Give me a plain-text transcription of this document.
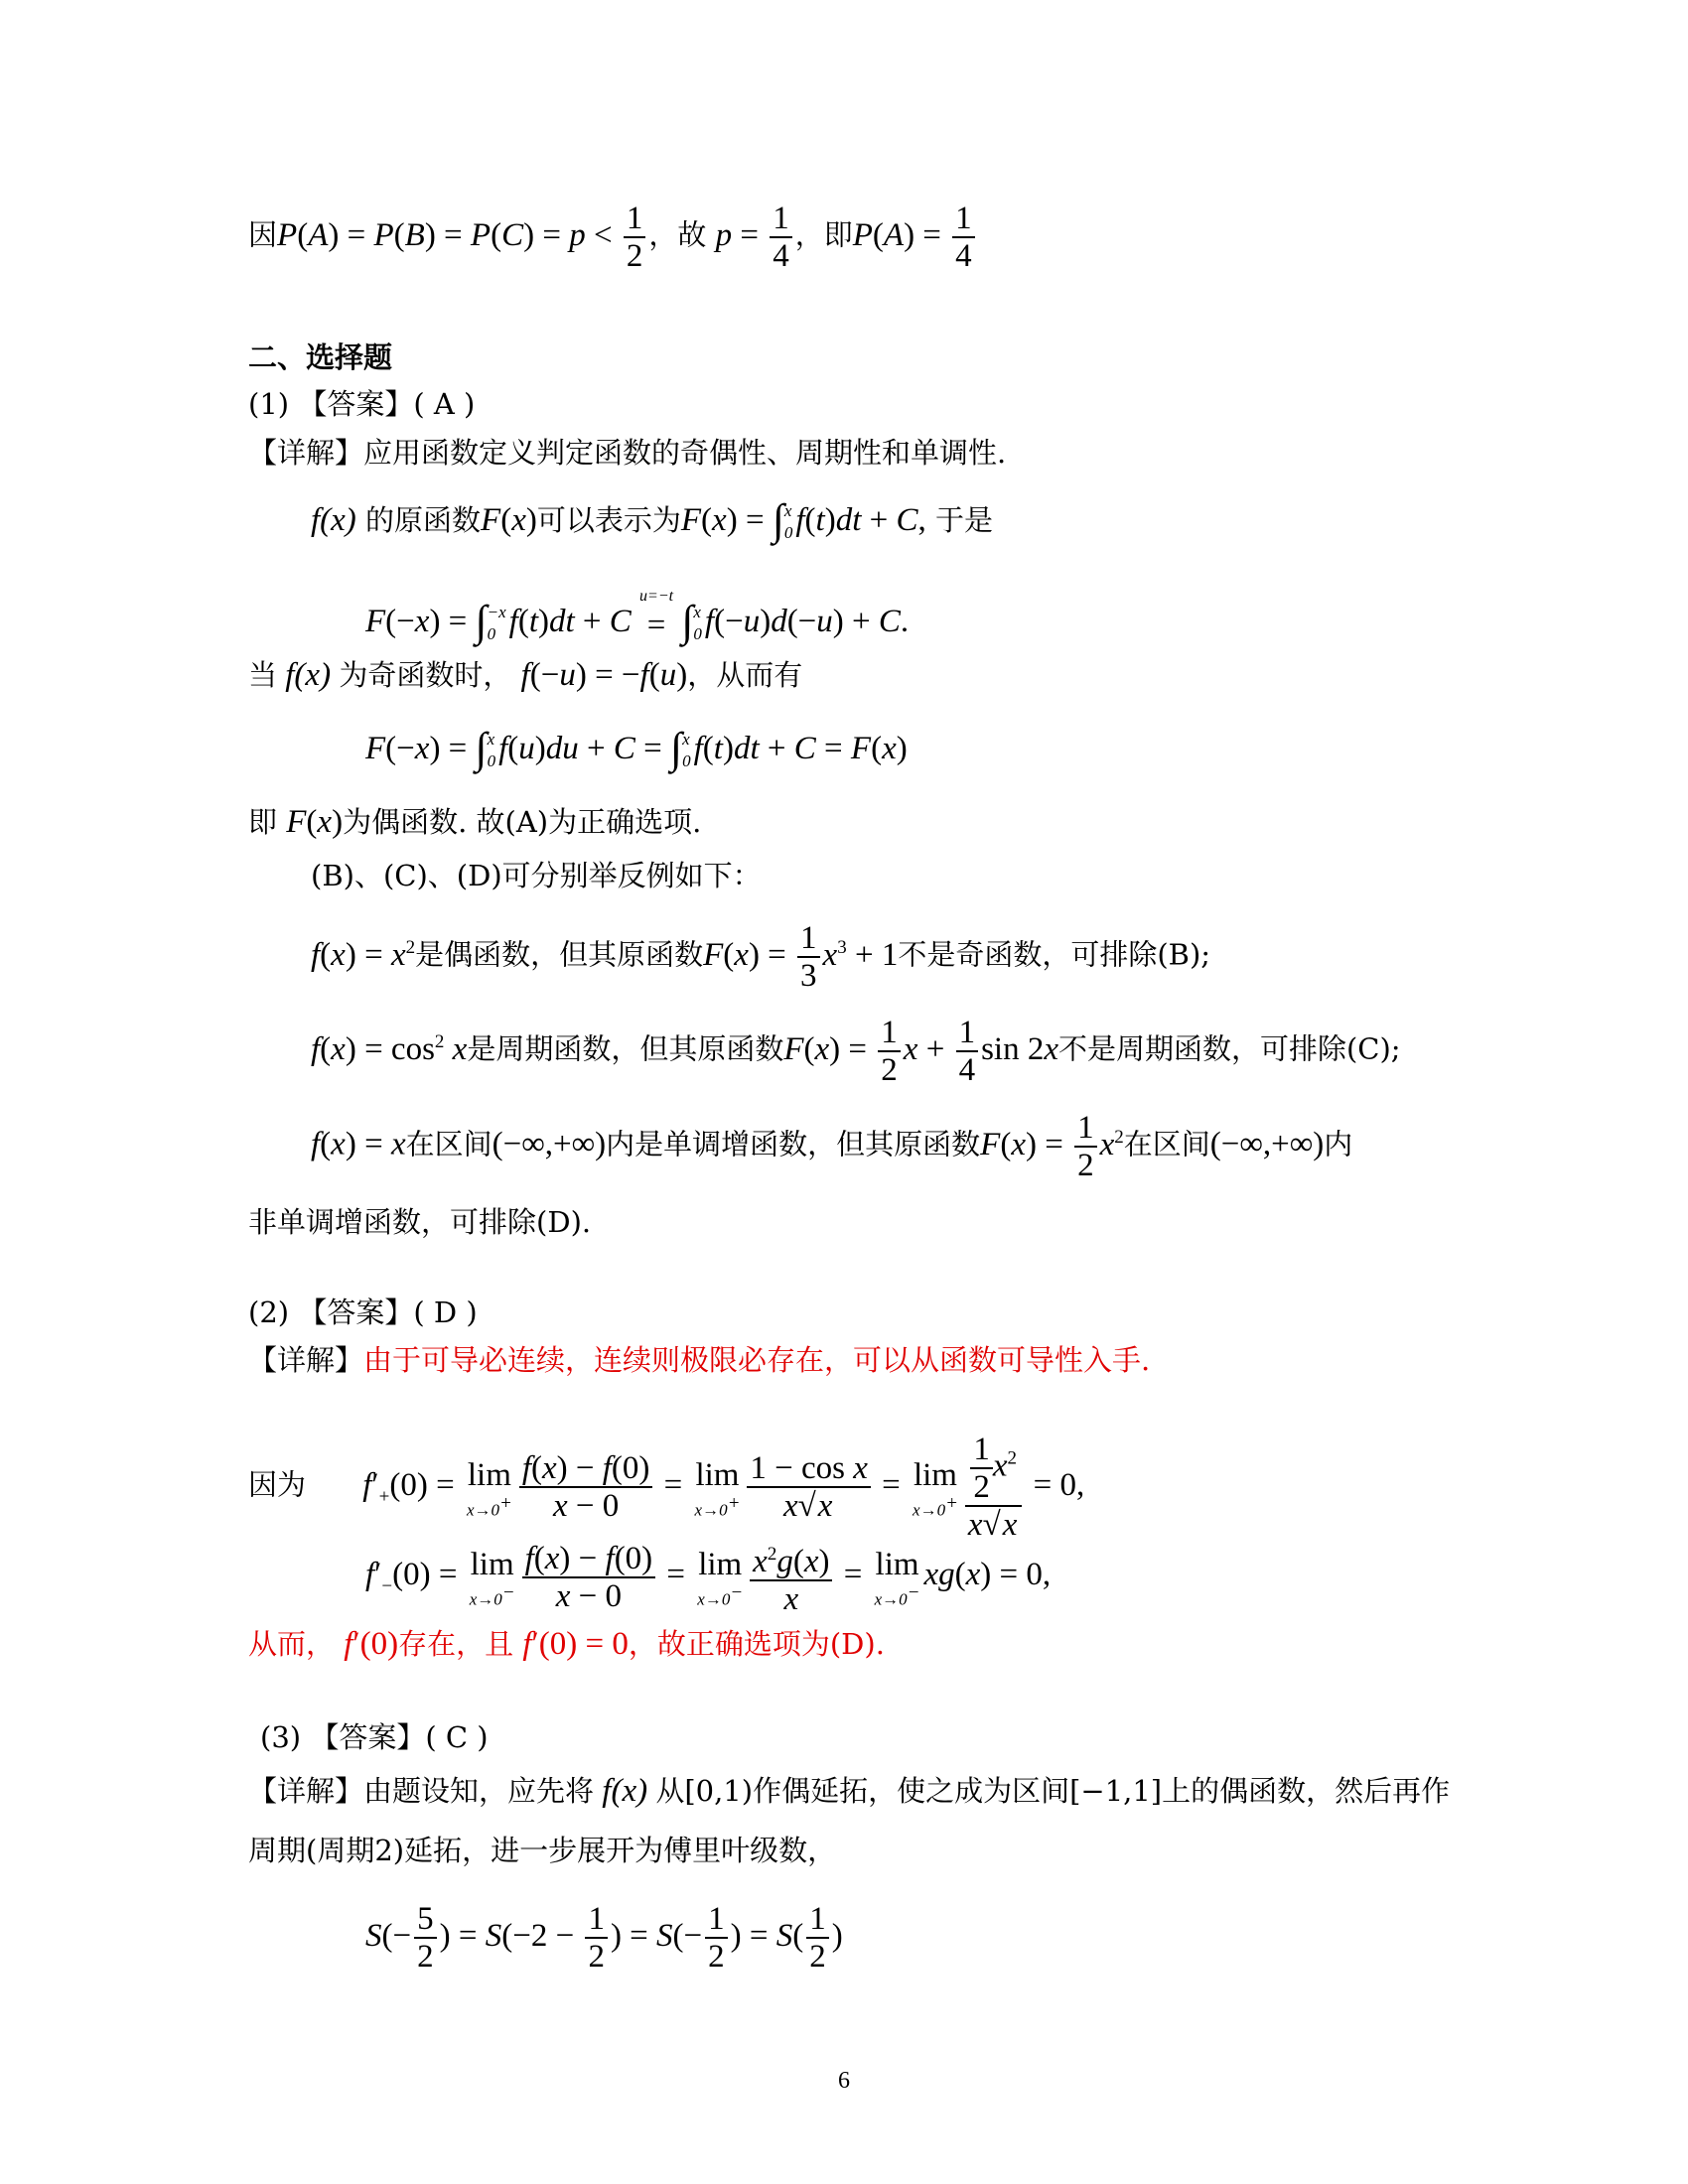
因$P(A) = P(B) = P(C) = p < \frac{1}{2}$ ，故 $p = \frac{1}{4}$ ，即$P(A) = \frac{1}{4}$
二、选择题
(1) 【答案】( A )
【详解】应用函数定义判定函数的奇偶性、周期性和单调性.
f(x) 的原函数F(x)可以表示为F(x) = ∫ x
0 f(t)dt + C, 于是
F(−x) = ∫ −x
0 f(t)dt + C
u=−t
= ∫ x
0 f(−u)d(−u) + C.
当 f(x) 为奇函数时， f(−u) = −f(u)，从而有
F(−x) = ∫ x
0 f(u)du + C = ∫ x
0 f(t)dt + C = F(x)
即 F(x)为偶函数. 故(A)为正确选项.
(B)、(C)、(D)可分别举反例如下：
$f(x) = x^2$是偶函数，但其原函数$F(x) = \frac{1}{3} x^3 + 1$不是奇函数，可排除(B);
$f(x) = \cos^2 x$是周期函数，但其原函数$F(x) = \frac{1}{2}$ $x + \frac{1}{4}$ sin 2x不是周期函数，可排除(C);
f(x) = x在区间(−∞,+∞)内是单调增函数，但其原函数$F(x) = \frac{1}{2} x^2$在区间(−∞,+∞)内
非单调增函数，可排除(D).
(2) 【答案】( D )
【详解】由于可导必连续，连续则极限必存在，可以从函数可导性入手.
因为 $f'_+(0) = \lim$
$x\to 0^+ \frac{f(x) - f(0)}{x - 0} = \lim$
$x\to 0^+ \frac{\text{1 − cos x}}{x√x} = \lim$
$x\to 0^+ \frac{\frac{1}{2} x^2}{x√x} = 0$,
$f'_-(0) = \lim$
$x\to 0^- \frac{f(x) - f(0)}{x - 0} = \lim$
$x\to 0^- \frac{x^2g(x)}{x} = \lim$
x→0−
xg(x) = 0,
从而， f′(0)存在，且 f′(0) = 0，故正确选项为(D).
(3) 【答案】( C )
【详解】由题设知，应先将 f(x) 从[0,1)作偶延拓，使之成为区间[−1,1]上的偶函数，然后再作
周期(周期2)延拓，进一步展开为傅里叶级数，
$S(- \frac{5}{2}$ ) = $S(-2 - \frac{1}{2}$ ) = $S(- \frac{1}{2}$ ) = $S( \frac{1}{2}$ )
6
